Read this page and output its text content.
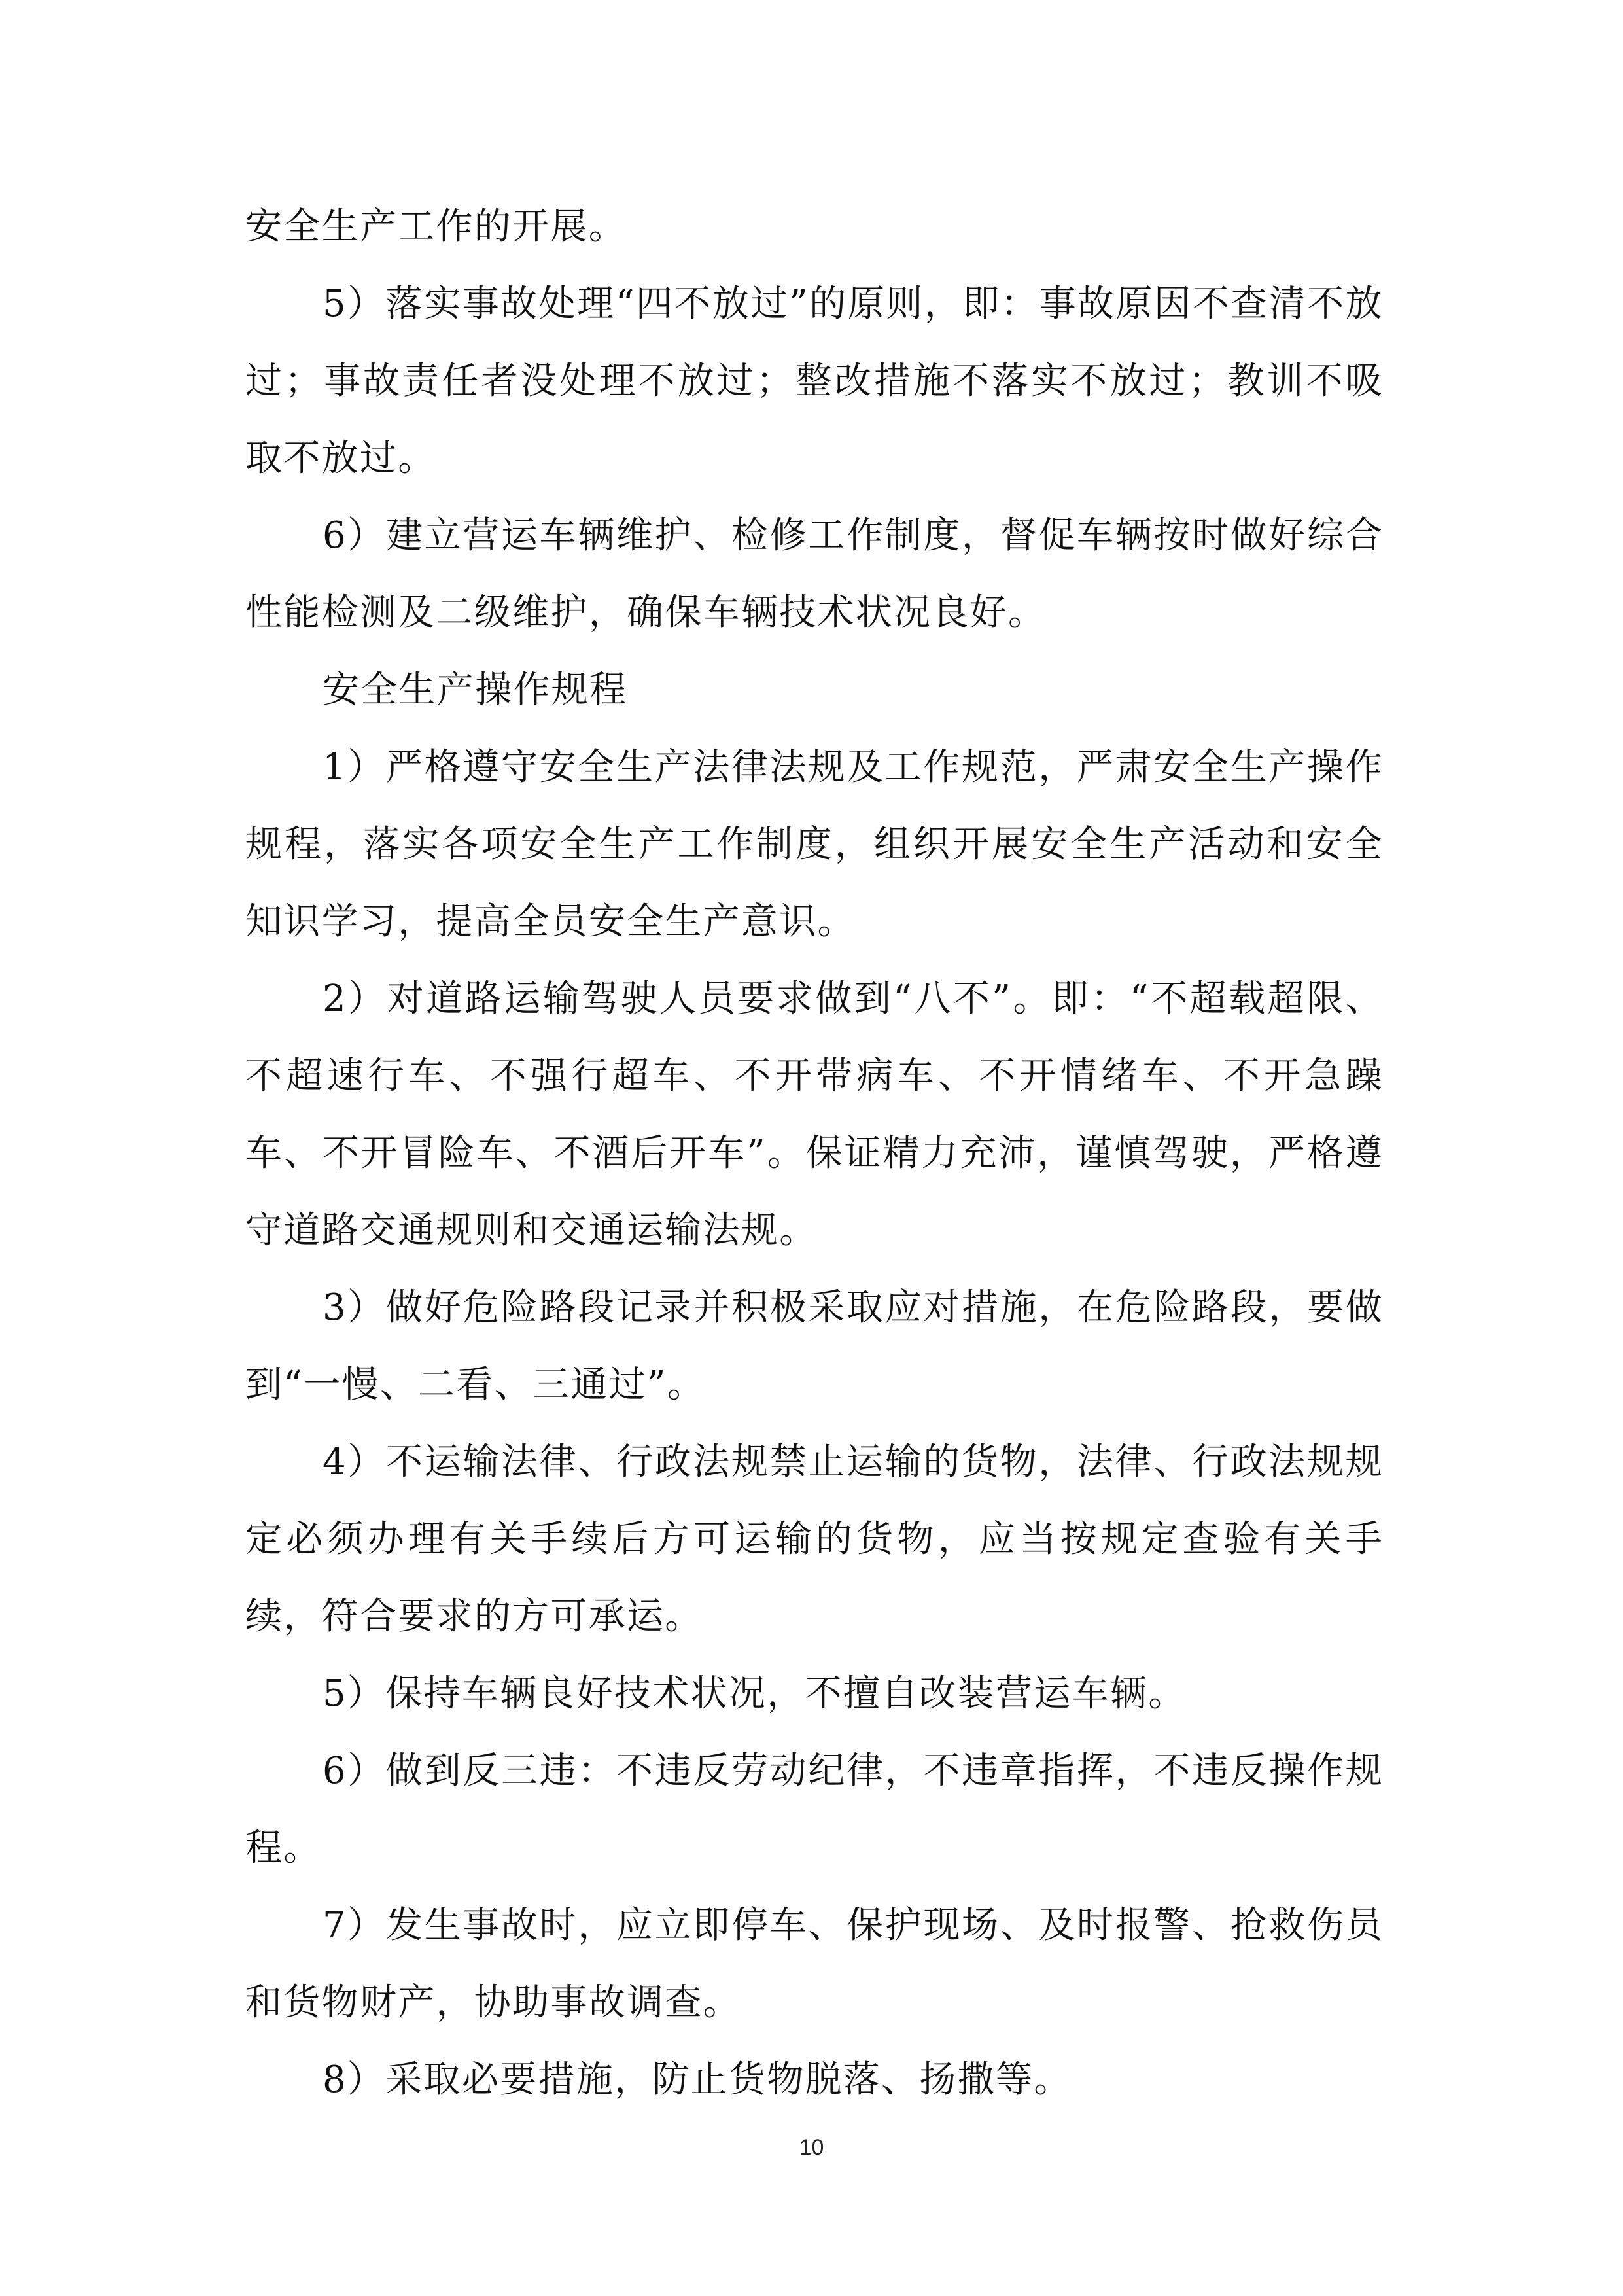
安全生产工作的开展。

5）落实事故处理“四不放过”的原则，即：事故原因不查清不放过；事故责任者没处理不放过；整改措施不落实不放过；教训不吸取不放过。

6）建立营运车辆维护、检修工作制度，督促车辆按时做好综合性能检测及二级维护，确保车辆技术状况良好。

安全生产操作规程

1）严格遵守安全生产法律法规及工作规范，严肃安全生产操作规程，落实各项安全生产工作制度，组织开展安全生产活动和安全知识学习，提高全员安全生产意识。

2）对道路运输驾驶人员要求做到“八不”。即：“不超载超限、不超速行车、不强行超车、不开带病车、不开情绪车、不开急躁车、不开冒险车、不酒后开车”。保证精力充沛，谨慎驾驶，严格遵守道路交通规则和交通运输法规。

3）做好危险路段记录并积极采取应对措施，在危险路段，要做到“一慢、二看、三通过”。

4）不运输法律、行政法规禁止运输的货物，法律、行政法规规定必须办理有关手续后方可运输的货物，应当按规定查验有关手续，符合要求的方可承运。

5）保持车辆良好技术状况，不擅自改装营运车辆。

6）做到反三违：不违反劳动纪律，不违章指挥，不违反操作规程。

7）发生事故时，应立即停车、保护现场、及时报警、抢救伤员和货物财产，协助事故调查。

8）采取必要措施，防止货物脱落、扬撒等。

10
